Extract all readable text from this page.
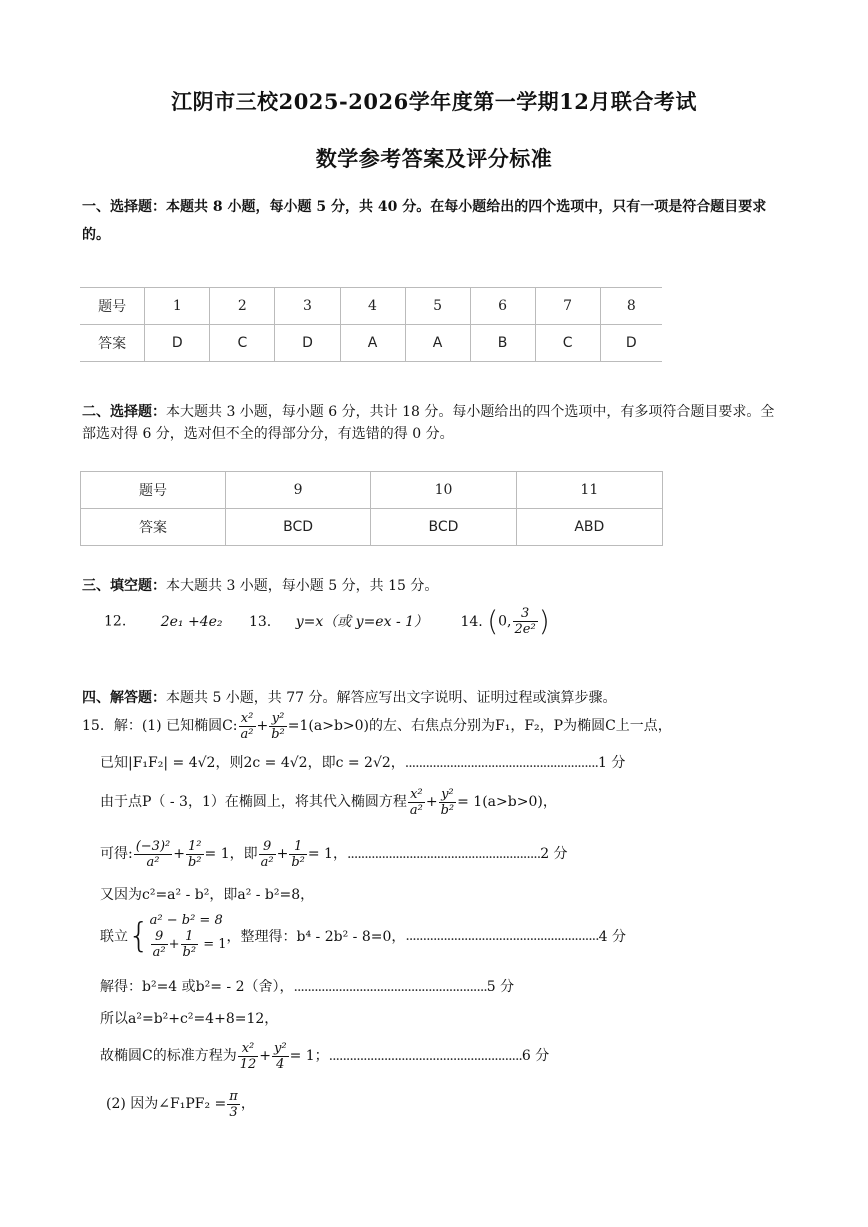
江阴市三校2025-2026学年度第一学期12月联合考试
数学参考答案及评分标准
一、选择题：本题共 8 小题，每小题 5 分，共 40 分。在每小题给出的四个选项中，只有一项是符合题目要求的。
题号	1	2	3	4	5	6	7	8
答案	D	C	D	A	A	B	C	D
二、选择题：本大题共 3 小题，每小题 6 分，共计 18 分。每小题给出的四个选项中，有多项符合题目要求。全部选对得 6 分，选对但不全的得部分分，有选错的得 0 分。
题号	9	10	11
答案	BCD	BCD	ABD
三、填空题：本大题共 3 小题，每小题 5 分，共 15 分。
12. 2e₁ +4e₂ 13. y=x（或 y=ex - 1） 14. (0, $\frac{3}{\text{2e²}}$ )
四、解答题：本题共 5 小题，共 77 分。解答应写出文字说明、证明过程或演算步骤。
15．解：(1) 已知椭圆C: $\frac{\text{x²}}{\text{a²}} + \frac{\text{y²}}{\text{b²}} =1(a>b>0)$的左、右焦点分别为F₁，F₂，P为椭圆C上一点，
已知|F₁F₂| = 4√2，则2c = 4√2，即c = 2√2，........................................................1 分
由于点P（ - 3，1）在椭圆上，将其代入椭圆方程 $\frac{\text{x²}}{\text{a²}} + \frac{\text{y²}}{\text{b²}} = 1(a>b>0)$，
可得: $\frac{\text{(−3)²}}{\text{a²}} + \frac{\text{1²}}{\text{b²}} = 1$，即 $\frac{9}{\text{a²}} + \frac{1}{\text{b²}} = 1$，........................................................2 分
又因为c²=a² - b²，即a² - b²=8，
联立{ a² − b² = 8
$\frac{9}{\text{a²}} + \frac{1}{\text{b²}} = 1$ ，整理得：b⁴ - 2b² - 8=0，........................................................4 分
解得：b²=4 或b²= - 2（舍），........................................................5 分
所以a²=b²+c²=4+8=12，
故椭圆C的标准方程为 $\frac{\text{x²}}{12} + \frac{\text{y²}}{4} = 1$；........................................................6 分
(2) 因为∠F₁PF₂ = $\frac{\pi}{3}$ ，
